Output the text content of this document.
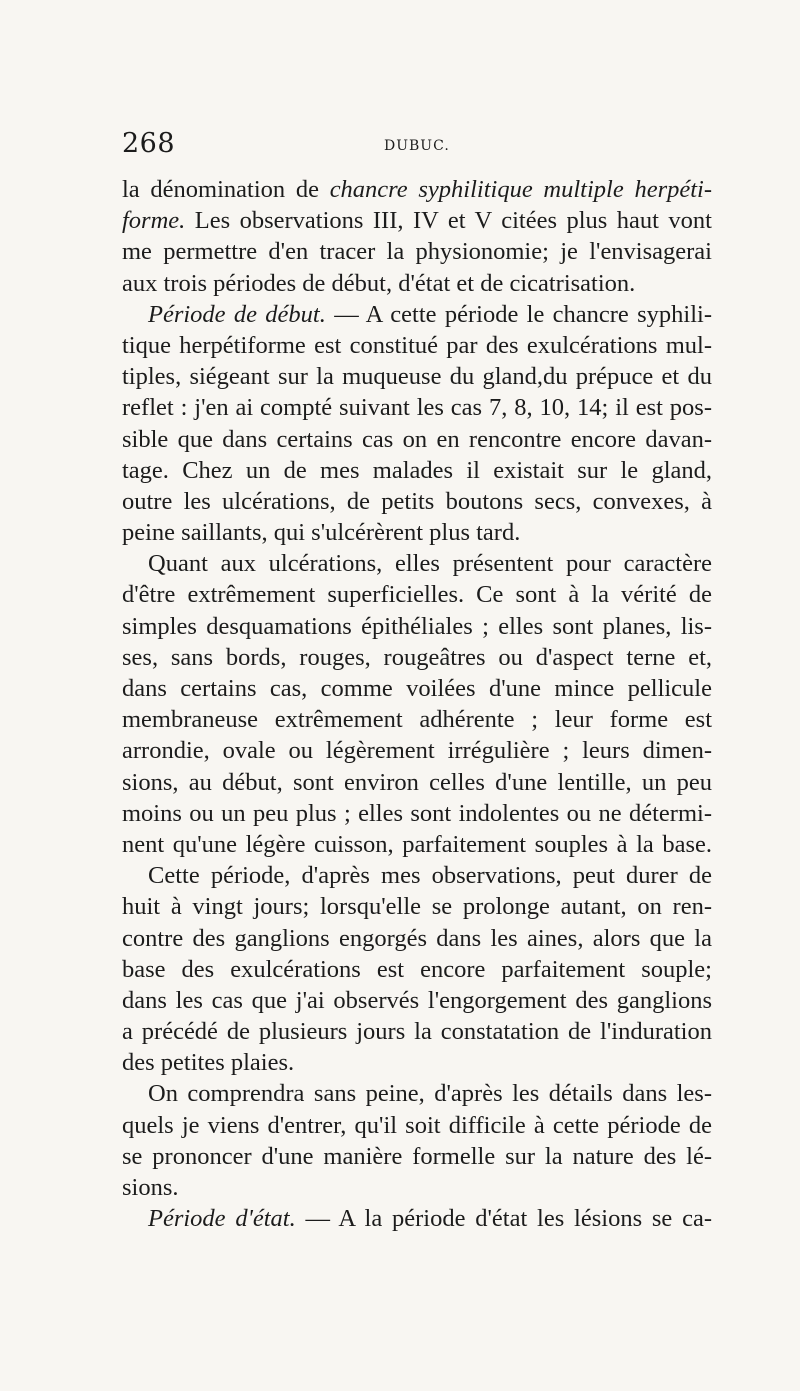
268	DUBUC.
la dénomination de chancre syphilitique multiple herpéti-
forme. Les observations III, IV et V citées plus haut vont
me permettre d'en tracer la physionomie; je l'envisagerai
aux trois périodes de début, d'état et de cicatrisation.
Période de début. — A cette période le chancre syphili-
tique herpétiforme est constitué par des exulcérations mul-
tiples, siégeant sur la muqueuse du gland,du prépuce et du
reflet : j'en ai compté suivant les cas 7, 8, 10, 14; il est pos-
sible que dans certains cas on en rencontre encore davan-
tage. Chez un de mes malades il existait sur le gland,
outre les ulcérations, de petits boutons secs, convexes, à
peine saillants, qui s'ulcérèrent plus tard.
Quant aux ulcérations, elles présentent pour caractère
d'être extrêmement superficielles. Ce sont à la vérité de
simples desquamations épithéliales ; elles sont planes, lis-
ses, sans bords, rouges, rougeâtres ou d'aspect terne et,
dans certains cas, comme voilées d'une mince pellicule
membraneuse extrêmement adhérente ; leur forme est
arrondie, ovale ou légèrement irrégulière ; leurs dimen-
sions, au début, sont environ celles d'une lentille, un peu
moins ou un peu plus ; elles sont indolentes ou ne détermi-
nent qu'une légère cuisson, parfaitement souples à la base.
Cette période, d'après mes observations, peut durer de
huit à vingt jours; lorsqu'elle se prolonge autant, on ren-
contre des ganglions engorgés dans les aines, alors que la
base des exulcérations est encore parfaitement souple;
dans les cas que j'ai observés l'engorgement des ganglions
a précédé de plusieurs jours la constatation de l'induration
des petites plaies.
On comprendra sans peine, d'après les détails dans les-
quels je viens d'entrer, qu'il soit difficile à cette période de
se prononcer d'une manière formelle sur la nature des lé-
sions.
Période d'état. — A la période d'état les lésions se ca-
